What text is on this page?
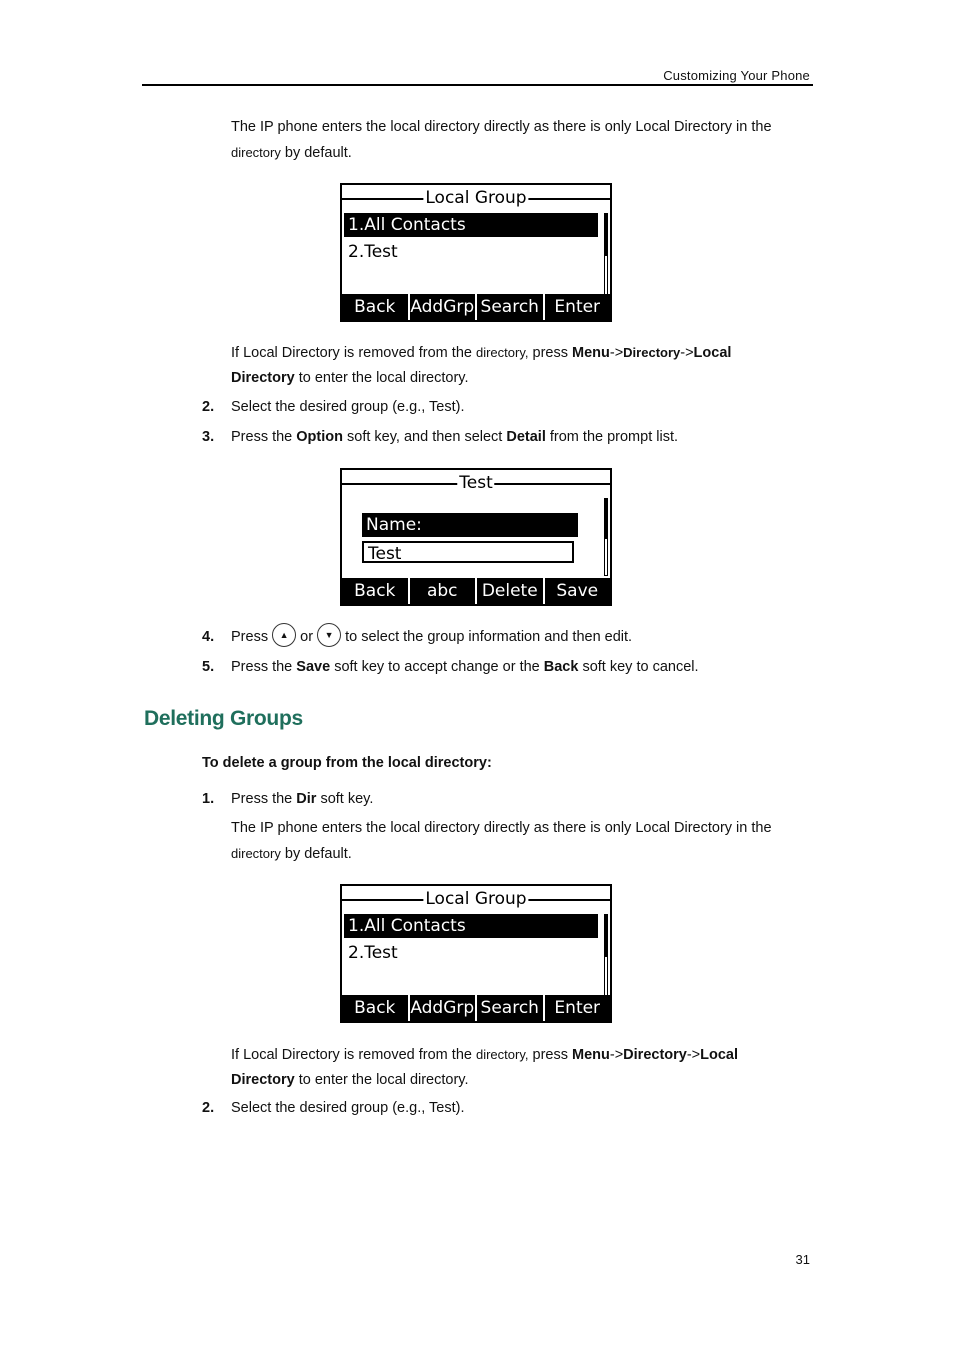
Customizing Your Phone
The IP phone enters the local directory directly as there is only Local Directory in the
directory by default.
Local Group
1.All Contacts
2.Test
Back AddGrp Search Enter
If Local Directory is removed from the directory, press Menu->Directory->Local
Directory to enter the local directory.
2.	Select the desired group (e.g., Test).
3.	Press the Option soft key, and then select Detail from the prompt list.
Test
Name:
Test
Back	abc	Delete	Save
4.	Press ▲ or ▼ to select the group information and then edit.
5.	Press the Save soft key to accept change or the Back soft key to cancel.
Deleting Groups
To delete a group from the local directory:
1.	Press the Dir soft key.
The IP phone enters the local directory directly as there is only Local Directory in the
directory by default.
Local Group
1.All Contacts
2.Test
Back AddGrp Search Enter
If Local Directory is removed from the directory, press Menu->Directory->Local
Directory to enter the local directory.
2.	Select the desired group (e.g., Test).
31
